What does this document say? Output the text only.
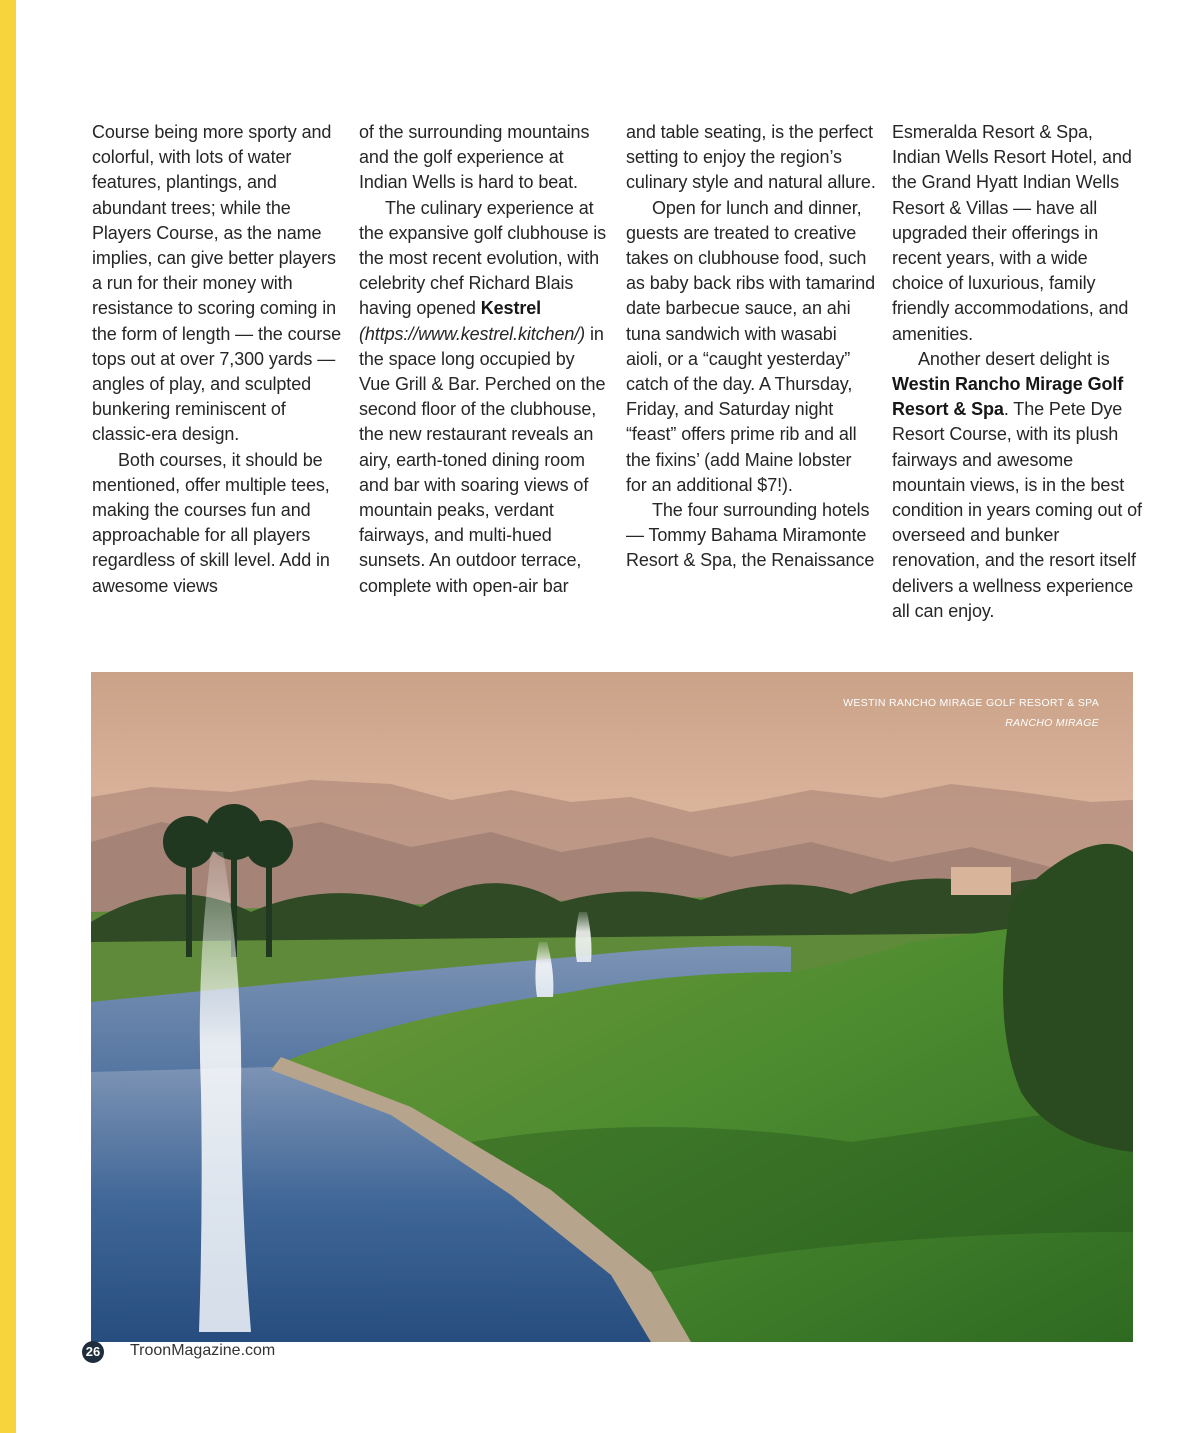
Course being more sporty and colorful, with lots of water features, plantings, and abundant trees; while the Players Course, as the name implies, can give better players a run for their money with resistance to scoring coming in the form of length — the course tops out at over 7,300 yards — angles of play, and sculpted bunkering reminiscent of classic-era design.

Both courses, it should be mentioned, offer multiple tees, making the courses fun and approachable for all players regardless of skill level. Add in awesome views

of the surrounding mountains and the golf experience at Indian Wells is hard to beat.

The culinary experience at the expansive golf clubhouse is the most recent evolution, with celebrity chef Richard Blais having opened Kestrel (https://www.kestrel.kitchen/) in the space long occupied by Vue Grill & Bar. Perched on the second floor of the clubhouse, the new restaurant reveals an airy, earth-toned dining room and bar with soaring views of mountain peaks, verdant fairways, and multi-hued sunsets. An outdoor terrace, complete with open-air bar

and table seating, is the perfect setting to enjoy the region’s culinary style and natural allure.

Open for lunch and dinner, guests are treated to creative takes on clubhouse food, such as baby back ribs with tamarind date barbecue sauce, an ahi tuna sandwich with wasabi aioli, or a “caught yesterday” catch of the day. A Thursday, Friday, and Saturday night “feast” offers prime rib and all the fixins’ (add Maine lobster for an additional $7!).

The four surrounding hotels — Tommy Bahama Miramonte Resort & Spa, the Renaissance

Esmeralda Resort & Spa, Indian Wells Resort Hotel, and the Grand Hyatt Indian Wells Resort & Villas — have all upgraded their offerings in recent years, with a wide choice of luxurious, family friendly accommodations, and amenities.

Another desert delight is Westin Rancho Mirage Golf Resort & Spa. The Pete Dye Resort Course, with its plush fairways and awesome mountain views, is in the best condition in years coming out of overseed and bunker renovation, and the resort itself delivers a wellness experience all can enjoy.

WESTIN RANCHO MIRAGE GOLF RESORT & SPA
RANCHO MIRAGE
26 TroonMagazine.com
